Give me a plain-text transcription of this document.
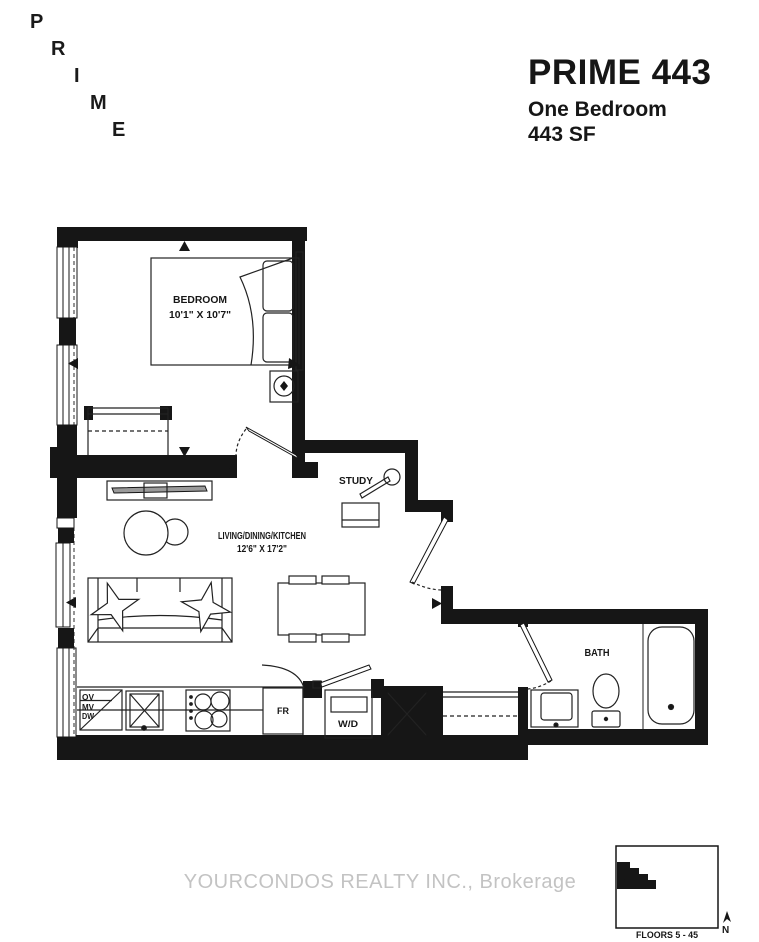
P
R
I
M
E
PRIME 443
One Bedroom
443 SF
BEDROOM
10'1" X 10'7"
LIVING/DINING/KITCHEN
12'6" X 17'2"
STUDY
BATH
W/D
FR
OV
MV
DW
5
FLOORS 5 - 45 N
YOURCONDOS REALTY INC., Brokerage
